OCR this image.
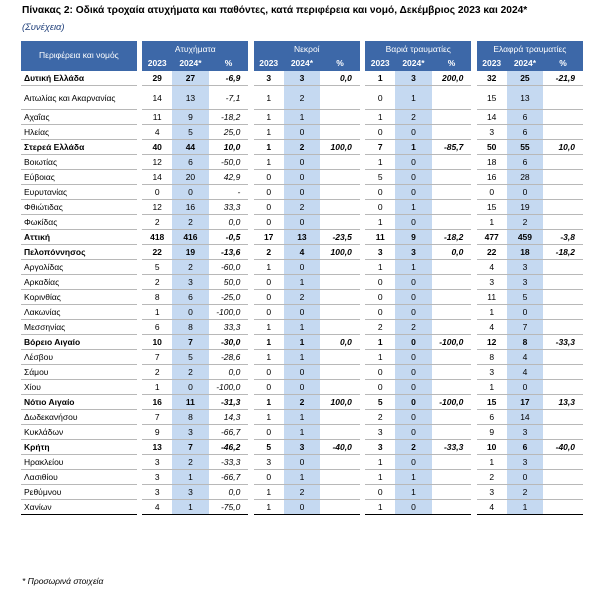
Πίνακας 2: Οδικά τροχαία ατυχήματα και παθόντες, κατά περιφέρεια και νομό, Δεκέμβριος 2023 και 2024*
(Συνέχεια)
Περιφέρεια και νομός		Ατυχήματα				Νεκροί				Βαριά τραυματίες				Ελαφρά τραυματίες		
		2023	2024*	%		2023	2024*	%		2023	2024*	%		2023	2024*	%

Δυτική Ελλάδα		29	27	-6,9		3	3	0,0		1	3	200,0		32	25	-21,9
Αιτωλίας και Ακαρνανίας		14	13	-7,1		1	2			0	1			15	13	
Αχαΐας		11	9	-18,2		1	1			1	2			14	6	
Ηλείας		4	5	25,0		1	0			0	0			3	6	
Στερεά Ελλάδα		40	44	10,0		1	2	100,0		7	1	-85,7		50	55	10,0
Βοιωτίας		12	6	-50,0		1	0			1	0			18	6	
Εύβοιας		14	20	42,9		0	0			5	0			16	28	
Ευρυτανίας		0	0	-		0	0			0	0			0	0	
Φθιώτιδας		12	16	33,3		0	2			0	1			15	19	
Φωκίδας		2	2	0,0		0	0			1	0			1	2	
Αττική		418	416	-0,5		17	13	-23,5		11	9	-18,2		477	459	-3,8
Πελοπόννησος		22	19	-13,6		2	4	100,0		3	3	0,0		22	18	-18,2
Αργολίδας		5	2	-60,0		1	0			1	1			4	3	
Αρκαδίας		2	3	50,0		0	1			0	0			3	3	
Κορινθίας		8	6	-25,0		0	2			0	0			11	5	
Λακωνίας		1	0	-100,0		0	0			0	0			1	0	
Μεσσηνίας		6	8	33,3		1	1			2	2			4	7	
Βόρειο Αιγαίο		10	7	-30,0		1	1	0,0		1	0	-100,0		12	8	-33,3
Λέσβου		7	5	-28,6		1	1			1	0			8	4	
Σάμου		2	2	0,0		0	0			0	0			3	4	
Χίου		1	0	-100,0		0	0			0	0			1	0	
Νότιο Αιγαίο		16	11	-31,3		1	2	100,0		5	0	-100,0		15	17	13,3
Δωδεκανήσου		7	8	14,3		1	1			2	0			6	14	
Κυκλάδων		9	3	-66,7		0	1			3	0			9	3	
Κρήτη		13	7	-46,2		5	3	-40,0		3	2	-33,3		10	6	-40,0
Ηρακλείου		3	2	-33,3		3	0			1	0			1	3	
Λασιθίου		3	1	-66,7		0	1			1	1			2	0	
Ρεθύμνου		3	3	0,0		1	2			0	1			3	2	
Χανίων		4	1	-75,0		1	0			1	0			4	1	
* Προσωρινά στοιχεία
